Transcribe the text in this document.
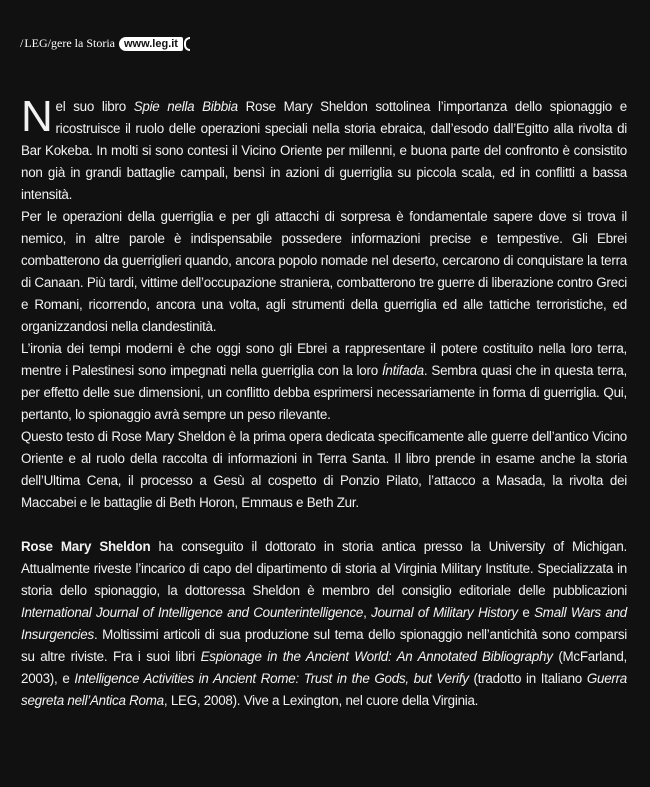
/ LEG/gere la Storia www.leg.it

Nel suo libro Spie nella Bibbia Rose Mary Sheldon sottolinea l’importanza dello spionaggio e ricostruisce il ruolo delle operazioni speciali nella storia ebraica, dall’esodo dall’Egitto alla rivolta di Bar Kokeba. In molti si sono contesi il Vicino Oriente per millenni, e buona parte del confronto è consistito non già in grandi battaglie campali, bensì in azioni di guerriglia su piccola scala, ed in conflitti a bassa intensità.

Per le operazioni della guerriglia e per gli attacchi di sorpresa è fondamentale sapere dove si trova il nemico, in altre parole è indispensabile possedere informazioni precise e tempestive. Gli Ebrei combatterono da guerriglieri quando, ancora popolo nomade nel deserto, cercarono di conquistare la terra di Canaan. Più tardi, vittime dell’occupazione straniera, combatterono tre guerre di liberazione contro Greci e Romani, ricorrendo, ancora una volta, agli strumenti della guerriglia ed alle tattiche terroristiche, ed organizzandosi nella clandestinità.

L’ironia dei tempi moderni è che oggi sono gli Ebrei a rappresentare il potere costituito nella loro terra, mentre i Palestinesi sono impegnati nella guerriglia con la loro Íntifada. Sembra quasi che in questa terra, per effetto delle sue dimensioni, un conflitto debba esprimersi necessariamente in forma di guerriglia. Qui, pertanto, lo spionaggio avrà sempre un peso rilevante.

Questo testo di Rose Mary Sheldon è la prima opera dedicata specificamente alle guerre dell’antico Vicino Oriente e al ruolo della raccolta di informazioni in Terra Santa. Il libro prende in esame anche la storia dell’Ultima Cena, il processo a Gesù al cospetto di Ponzio Pilato, l’attacco a Masada, la rivolta dei Maccabei e le battaglie di Beth Horon, Emmaus e Beth Zur.

Rose Mary Sheldon ha conseguito il dottorato in storia antica presso la University of Michigan. Attualmente riveste l’incarico di capo del dipartimento di storia al Virginia Military Institute. Specializzata in storia dello spionaggio, la dottoressa Sheldon è membro del consiglio editoriale delle pubblicazioni International Journal of Intelligence and Counterintelligence, Journal of Military History e Small Wars and Insurgencies. Moltissimi articoli di sua produzione sul tema dello spionaggio nell’antichità sono comparsi su altre riviste. Fra i suoi libri Espionage in the Ancient World: An Annotated Bibliography (McFarland, 2003), e Intelligence Activities in Ancient Rome: Trust in the Gods, but Verify (tradotto in Italiano Guerra segreta nell’Antica Roma, LEG, 2008). Vive a Lexington, nel cuore della Virginia.
